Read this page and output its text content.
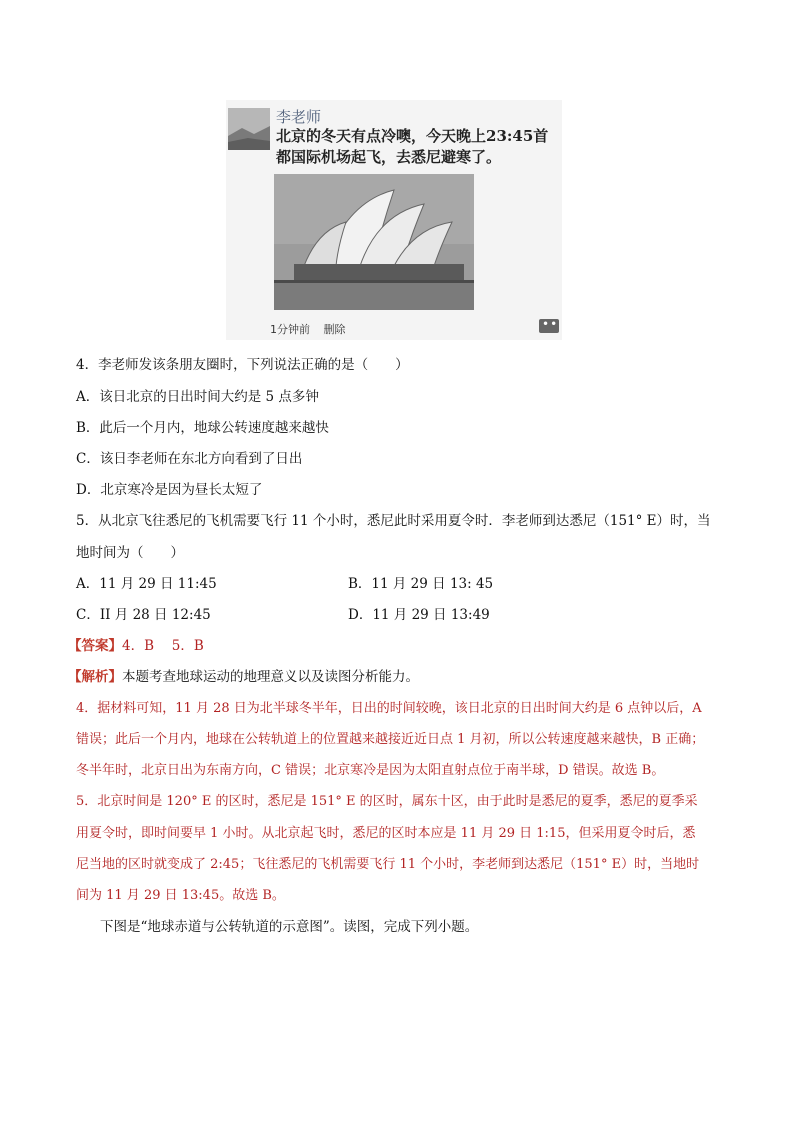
李老师
北京的冬天有点冷噢，今天晚上23:45首都国际机场起飞，去悉尼避寒了。
1分钟前 删除
••
4．李老师发该条朋友圈时，下列说法正确的是（　　）
A．该日北京的日出时间大约是 5 点多钟
B．此后一个月内，地球公转速度越来越快
C．该日李老师在东北方向看到了日出
D．北京寒冷是因为昼长太短了
5．从北京飞往悉尼的飞机需要飞行 11 个小时，悉尼此时采用夏令时．李老师到达悉尼（151° E）时，当
地时间为（　　）
A．11 月 29 日 11:45	B．11 月 29 日 13: 45
C．II 月 28 日 12:45	D．11 月 29 日 13:49
【答案】4．B　 5．B
【解析】本题考查地球运动的地理意义以及读图分析能力。
4．据材料可知，11 月 28 日为北半球冬半年，日出的时间较晚，该日北京的日出时间大约是 6 点钟以后，A
错误；此后一个月内，地球在公转轨道上的位置越来越接近近日点 1 月初，所以公转速度越来越快，B 正确；
冬半年时，北京日出为东南方向，C 错误；北京寒冷是因为太阳直射点位于南半球，D 错误。故选 B。
5．北京时间是 120° E 的区时，悉尼是 151° E 的区时，属东十区，由于此时是悉尼的夏季，悉尼的夏季采
用夏令时，即时间要早 1 小时。从北京起飞时，悉尼的区时本应是 11 月 29 日 1:15，但采用夏令时后，悉
尼当地的区时就变成了 2:45；飞往悉尼的飞机需要飞行 11 个小时，李老师到达悉尼（151° E）时，当地时
间为 11 月 29 日 13:45。故选 B。
下图是“地球赤道与公转轨道的示意图”。读图，完成下列小题。
